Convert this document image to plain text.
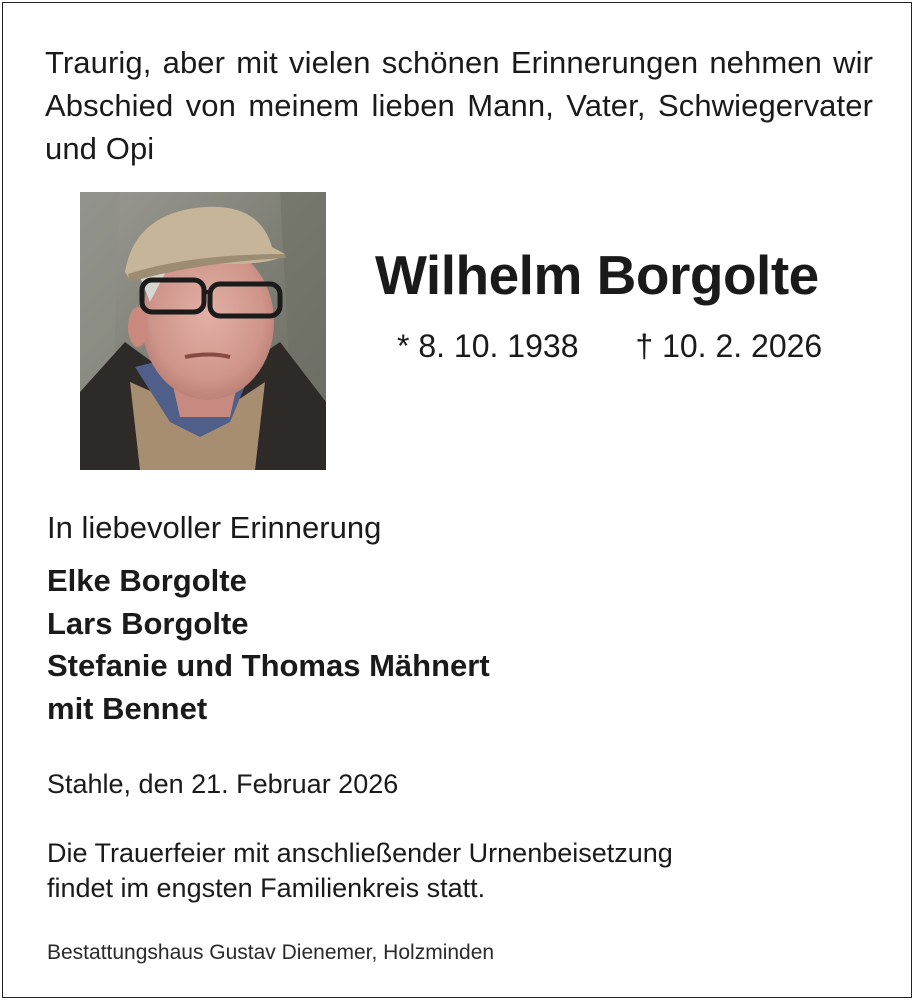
Traurig, aber mit vielen schönen Erinnerungen nehmen wir Abschied von meinem lieben Mann, Vater, Schwiegervater und Opi
Wilhelm Borgolte
* 8. 10. 1938 † 10. 2. 2026
In liebevoller Erinnerung
Elke Borgolte
Lars Borgolte
Stefanie und Thomas Mähnert
mit Bennet
Stahle, den 21. Februar 2026
Die Trauerfeier mit anschließender Urnenbeisetzung
findet im engsten Familienkreis statt.
Bestattungshaus Gustav Dienemer, Holzminden
